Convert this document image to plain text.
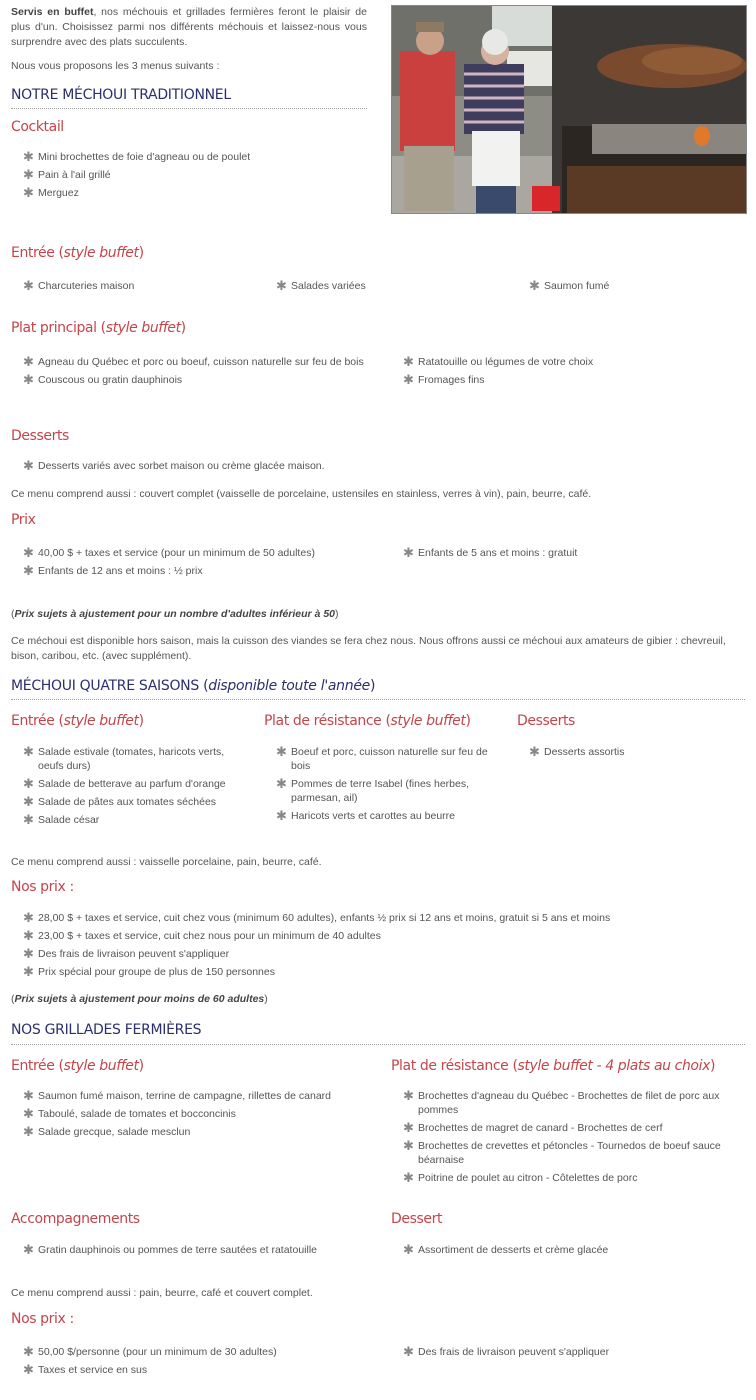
Servis en buffet, nos méchouis et grillades fermières feront le plaisir de plus d'un. Choisissez parmi nos différents méchouis et laissez-nous vous surprendre avec des plats succulents.

Nous vous proposons les 3 menus suivants :

NOTRE MÉCHOUI TRADITIONNEL
Cocktail
✱ Mini brochettes de foie d'agneau ou de poulet
✱ Pain à l'ail grillé
✱ Merguez
Entrée (style buffet)
✱ Charcuteries maison	✱ Salades variées	✱ Saumon fumé
Plat principal (style buffet)
✱ Agneau du Québec et porc ou boeuf, cuisson naturelle sur feu de bois
✱ Couscous ou gratin dauphinois
✱ Ratatouille ou légumes de votre choix
✱ Fromages fins
Desserts
✱ Desserts variés avec sorbet maison ou crème glacée maison.

Ce menu comprend aussi : couvert complet (vaisselle de porcelaine, ustensiles en stainless, verres à vin), pain, beurre, café.

Prix
✱ 40,00 $ + taxes et service (pour un minimum de 50 adultes)
✱ Enfants de 12 ans et moins : ½ prix
✱ Enfants de 5 ans et moins : gratuit

(Prix sujets à ajustement pour un nombre d'adultes inférieur à 50)

Ce méchoui est disponible hors saison, mais la cuisson des viandes se fera chez nous. Nous offrons aussi ce méchoui aux amateurs de gibier : chevreuil, bison, caribou, etc. (avec supplément).

MÉCHOUI QUATRE SAISONS (disponible toute l'année)
Entrée (style buffet)
✱ Salade estivale (tomates, haricots verts, oeufs durs)
✱ Salade de betterave au parfum d'orange
✱ Salade de pâtes aux tomates séchées
✱ Salade césar
Plat de résistance (style buffet)
✱ Boeuf et porc, cuisson naturelle sur feu de bois
✱ Pommes de terre Isabel (fines herbes, parmesan, ail)
✱ Haricots verts et carottes au beurre
Desserts
✱ Desserts assortis

Ce menu comprend aussi : vaisselle porcelaine, pain, beurre, café.

Nos prix :
✱ 28,00 $ + taxes et service, cuit chez vous (minimum 60 adultes), enfants ½ prix si 12 ans et moins, gratuit si 5 ans et moins
✱ 23,00 $ + taxes et service, cuit chez nous pour un minimum de 40 adultes
✱ Des frais de livraison peuvent s'appliquer
✱ Prix spécial pour groupe de plus de 150 personnes

(Prix sujets à ajustement pour moins de 60 adultes)

NOS GRILLADES FERMIÈRES
Entrée (style buffet)
✱ Saumon fumé maison, terrine de campagne, rillettes de canard
✱ Taboulé, salade de tomates et bocconcinis
✱ Salade grecque, salade mesclun
Plat de résistance (style buffet - 4 plats au choix)
✱ Brochettes d'agneau du Québec - Brochettes de filet de porc aux pommes
✱ Brochettes de magret de canard - Brochettes de cerf
✱ Brochettes de crevettes et pétoncles - Tournedos de boeuf sauce béarnaise
✱ Poitrine de poulet au citron - Côtelettes de porc
Accompagnements
✱ Gratin dauphinois ou pommes de terre sautées et ratatouille
Dessert
✱ Assortiment de desserts et crème glacée

Ce menu comprend aussi : pain, beurre, café et couvert complet.

Nos prix :
✱ 50,00 $/personne (pour un minimum de 30 adultes)
✱ Taxes et service en sus
✱ Des frais de livraison peuvent s'appliquer
